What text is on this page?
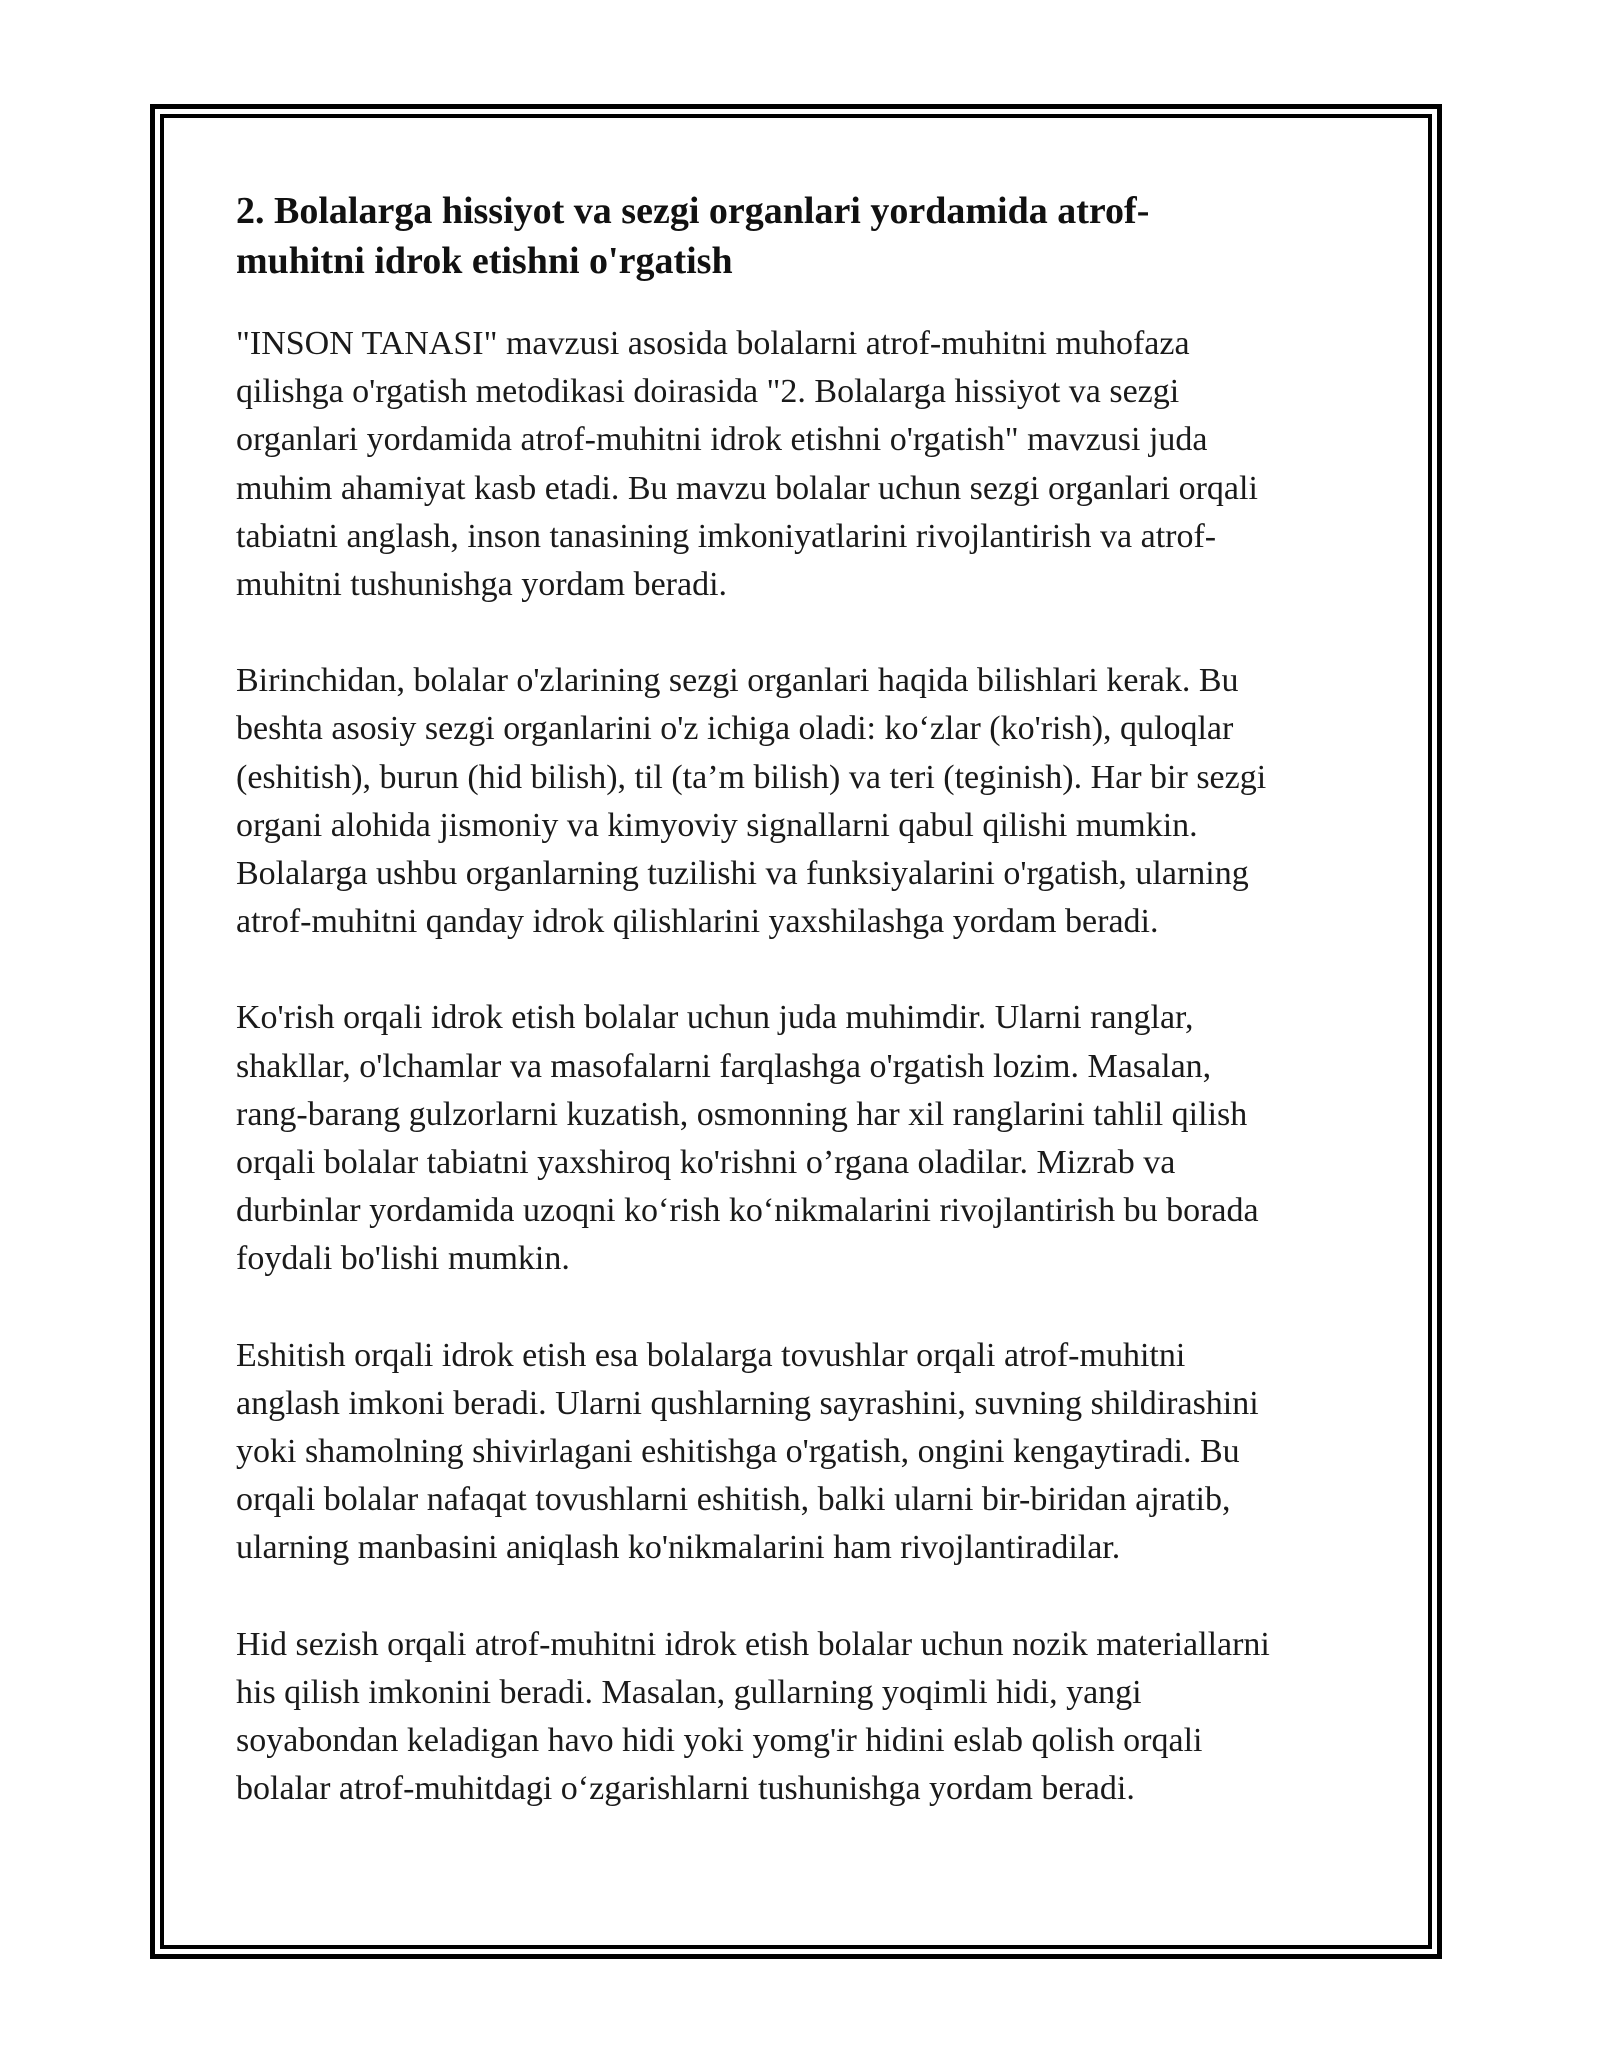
2. Bolalarga hissiyot va sezgi organlari yordamida atrof-
muhitni idrok etishni o'rgatish

"INSON TANASI" mavzusi asosida bolalarni atrof-muhitni muhofaza
qilishga o'rgatish metodikasi doirasida "2. Bolalarga hissiyot va sezgi
organlari yordamida atrof-muhitni idrok etishni o'rgatish" mavzusi juda
muhim ahamiyat kasb etadi. Bu mavzu bolalar uchun sezgi organlari orqali
tabiatni anglash, inson tanasining imkoniyatlarini rivojlantirish va atrof-
muhitni tushunishga yordam beradi.

Birinchidan, bolalar o'zlarining sezgi organlari haqida bilishlari kerak. Bu
beshta asosiy sezgi organlarini o'z ichiga oladi: ko‘zlar (ko'rish), quloqlar
(eshitish), burun (hid bilish), til (ta’m bilish) va teri (teginish). Har bir sezgi
organi alohida jismoniy va kimyoviy signallarni qabul qilishi mumkin.
Bolalarga ushbu organlarning tuzilishi va funksiyalarini o'rgatish, ularning
atrof-muhitni qanday idrok qilishlarini yaxshilashga yordam beradi.

Ko'rish orqali idrok etish bolalar uchun juda muhimdir. Ularni ranglar,
shakllar, o'lchamlar va masofalarni farqlashga o'rgatish lozim. Masalan,
rang-barang gulzorlarni kuzatish, osmonning har xil ranglarini tahlil qilish
orqali bolalar tabiatni yaxshiroq ko'rishni o’rgana oladilar. Mizrab va
durbinlar yordamida uzoqni ko‘rish ko‘nikmalarini rivojlantirish bu borada
foydali bo'lishi mumkin.

Eshitish orqali idrok etish esa bolalarga tovushlar orqali atrof-muhitni
anglash imkoni beradi. Ularni qushlarning sayrashini, suvning shildirashini
yoki shamolning shivirlagani eshitishga o'rgatish, ongini kengaytiradi. Bu
orqali bolalar nafaqat tovushlarni eshitish, balki ularni bir-biridan ajratib,
ularning manbasini aniqlash ko'nikmalarini ham rivojlantiradilar.

Hid sezish orqali atrof-muhitni idrok etish bolalar uchun nozik materiallarni
his qilish imkonini beradi. Masalan, gullarning yoqimli hidi, yangi
soyabondan keladigan havo hidi yoki yomg'ir hidini eslab qolish orqali
bolalar atrof-muhitdagi o‘zgarishlarni tushunishga yordam beradi.
